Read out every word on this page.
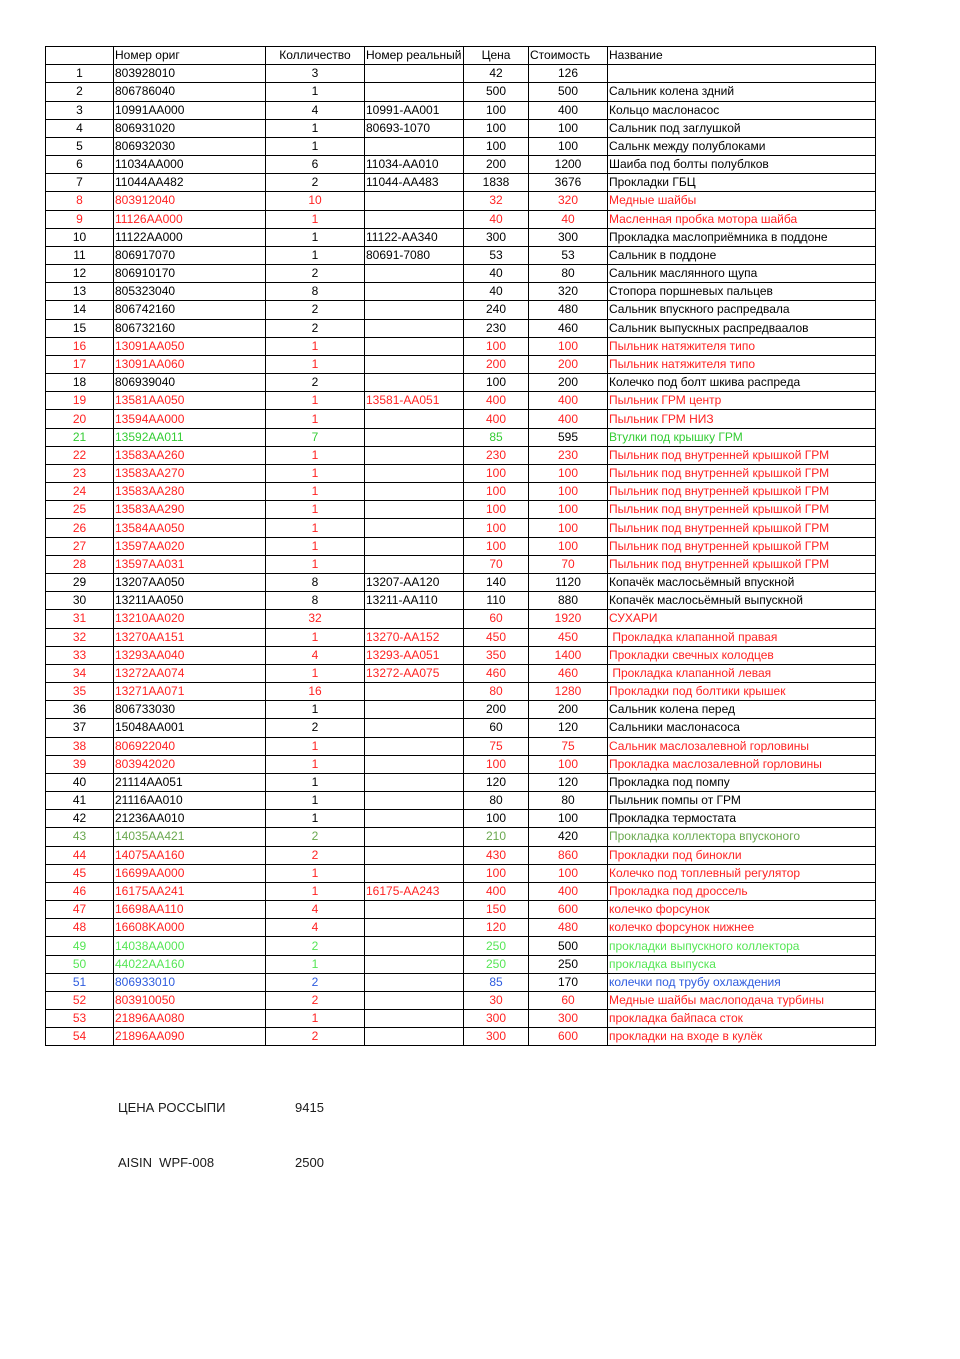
	Номер ориг	Колличество	Номер реальный	Цена	Стоимость	Название
1	803928010	3		42	126	
2	806786040	1		500	500	Сальник колена здний
3	10991AA000	4	10991-AA001	100	400	Кольцо маслонасос
4	806931020	1	80693-1070	100	100	Сальник под заглушкой
5	806932030	1		100	100	Сальнк между полублоками
6	11034AA000	6	11034-AA010	200	1200	Шаиба под болты полублков
7	11044AA482	2	11044-AA483	1838	3676	Прокладки ГБЦ
8	803912040	10		32	320	Медные шайбы
9	11126AA000	1		40	40	Масленная пробка мотора шайба
10	11122AA000	1	11122-AA340	300	300	Прокладка маслоприёмника в поддоне
11	806917070	1	80691-7080	53	53	Сальник в поддоне
12	806910170	2		40	80	Сальник маслянного щупа
13	805323040	8		40	320	Стопора поршневых пальцев
14	806742160	2		240	480	Сальник впускного распредвала
15	806732160	2		230	460	Сальник выпускных распредваалов
16	13091AA050	1		100	100	Пыльник натяжителя типо
17	13091AA060	1		200	200	Пыльник натяжителя типо
18	806939040	2		100	200	Колечко под болт шкива распреда
19	13581AA050	1	13581-AA051	400	400	Пыльник ГРМ центр
20	13594AA000	1		400	400	Пыльник ГРМ НИЗ
21	13592AA011	7		85	595	Втулки под крышку ГРМ
22	13583AA260	1		230	230	Пыльник под внутренней крышкой ГРМ
23	13583AA270	1		100	100	Пыльник под внутренней крышкой ГРМ
24	13583AA280	1		100	100	Пыльник под внутренней крышкой ГРМ
25	13583AA290	1		100	100	Пыльник под внутренней крышкой ГРМ
26	13584AA050	1		100	100	Пыльник под внутренней крышкой ГРМ
27	13597AA020	1		100	100	Пыльник под внутренней крышкой ГРМ
28	13597AA031	1		70	70	Пыльник под внутренней крышкой ГРМ
29	13207AA050	8	13207-AA120	140	1120	Копачёк маслосьёмный впускной
30	13211AA050	8	13211-AA110	110	880	Копачёк маслосьёмный выпускной
31	13210AA020	32		60	1920	СУХАРИ
32	13270AA151	1	13270-AA152	450	450	Прокладка клапанной правая
33	13293AA040	4	13293-AA051	350	1400	Прокладки свечных колодцев
34	13272AA074	1	13272-AA075	460	460	Прокладка клапанной левая
35	13271AA071	16		80	1280	Прокладки под болтики крышек
36	806733030	1		200	200	Сальник колена перед
37	15048AA001	2		60	120	Сальники маслонасоса
38	806922040	1		75	75	Сальник маслозалевной горловины
39	803942020	1		100	100	Прокладка маслозалевной горловины
40	21114AA051	1		120	120	Прокладка под помпу
41	21116AA010	1		80	80	Пыльник помпы от ГРМ
42	21236AA010	1		100	100	Прокладка термостата
43	14035AA421	2		210	420	Прокладка коллектора впусконого
44	14075AA160	2		430	860	Прокладки под бинокли
45	16699AA000	1		100	100	Колечко под топлевный регулятор
46	16175AA241	1	16175-AA243	400	400	Прокладка под дроссель
47	16698AA110	4		150	600	колечко форсунок
48	16608KA000	4		120	480	колечко форсунок нижнее
49	14038AA000	2		250	500	прокладки выпускного коллектора
50	44022AA160	1		250	250	прокладка выпуска
51	806933010	2		85	170	колечки под трубу охлаждения
52	803910050	2		30	60	Медные шайбы маслоподача турбины
53	21896AA080	1		300	300	прокладка байпаса сток
54	21896AA090	2		300	600	прокладки на входе в кулёк
ЦЕНА РОССЫПИ	9415
AISIN  WPF-008	2500
